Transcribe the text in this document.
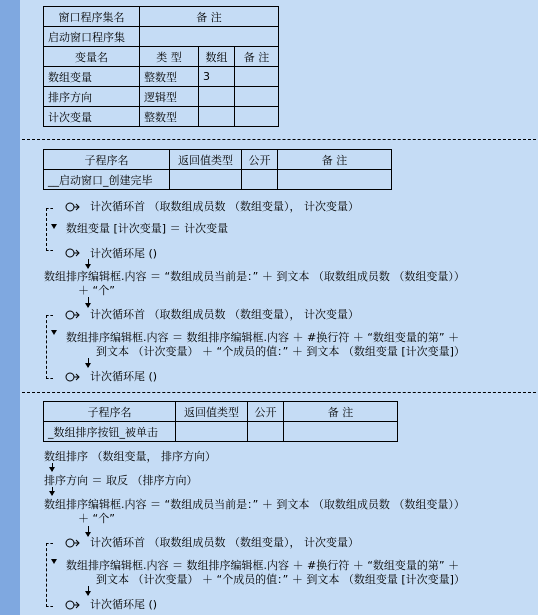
窗口程序集名	备 注		
启动窗口程序集			
变量名	类 型	数组	备 注
数组变量	整数型	3	
排序方向	逻辑型		
计次变量	整数型		
子程序名	返回值类型	公开	备 注
__启动窗口_创建完毕			
计次循环首 （取数组成员数 （数组变量）， 计次变量）
数组变量 [计次变量] ＝ 计次变量
计次循环尾 ()
数组排序编辑框.内容 ＝ “数组成员当前是：” ＋ 到文本 （取数组成员数 （数组变量））
＋ “个”
计次循环首 （取数组成员数 （数组变量）， 计次变量）
数组排序编辑框.内容 ＝ 数组排序编辑框.内容 ＋ #换行符 ＋ “数组变量的第” ＋
到文本 （计次变量） ＋ “个成员的值：” ＋ 到文本 （数组变量 [计次变量]）
计次循环尾 ()
子程序名	返回值类型	公开	备 注
_数组排序按钮_被单击			
数组排序 （数组变量， 排序方向）
排序方向 ＝ 取反 （排序方向）
数组排序编辑框.内容 ＝ “数组成员当前是：” ＋ 到文本 （取数组成员数 （数组变量））
＋ “个”
计次循环首 （取数组成员数 （数组变量）， 计次变量）
数组排序编辑框.内容 ＝ 数组排序编辑框.内容 ＋ #换行符 ＋ “数组变量的第” ＋
到文本 （计次变量） ＋ “个成员的值：” ＋ 到文本 （数组变量 [计次变量]）
计次循环尾 ()
